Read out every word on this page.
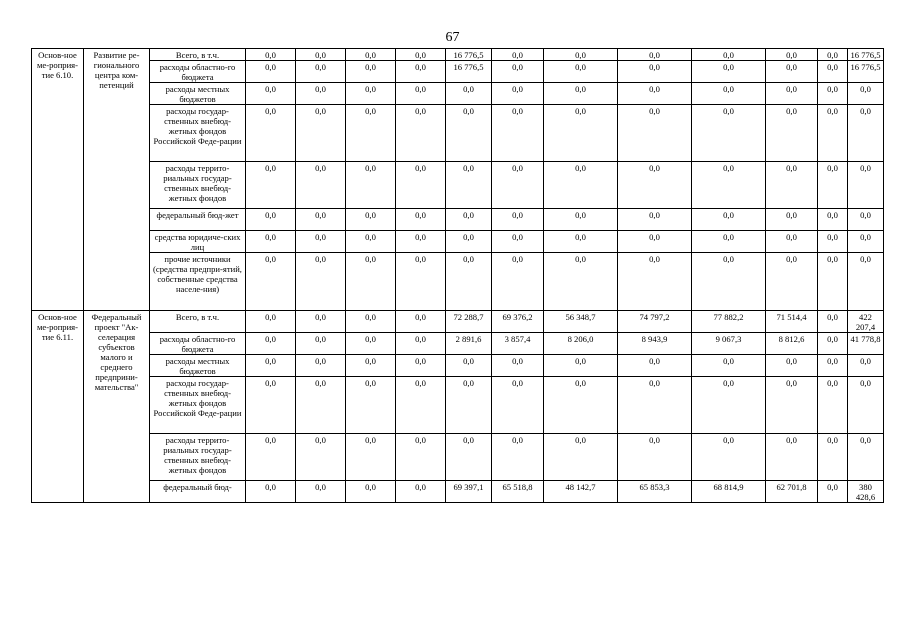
67
Основ-ное ме-роприя-тие 6.10.	Развитие ре-гионального центра ком-петенций	Всего, в т.ч.	0,0	0,0	0,0	0,0	16 776,5	0,0	0,0	0,0	0,0	0,0	0,0	16 776,5
		расходы областно-го бюджета	0,0	0,0	0,0	0,0	16 776,5	0,0	0,0	0,0	0,0	0,0	0,0	16 776,5
		расходы местных бюджетов	0,0	0,0	0,0	0,0	0,0	0,0	0,0	0,0	0,0	0,0	0,0	0,0
		расходы государ-ственных внебюд-жетных фондов Российской Феде-рации	0,0	0,0	0,0	0,0	0,0	0,0	0,0	0,0	0,0	0,0	0,0	0,0
		расходы террито-риальных государ-ственных внебюд-жетных фондов	0,0	0,0	0,0	0,0	0,0	0,0	0,0	0,0	0,0	0,0	0,0	0,0
		федеральный бюд-жет	0,0	0,0	0,0	0,0	0,0	0,0	0,0	0,0	0,0	0,0	0,0	0,0
		средства юридиче-ских лиц	0,0	0,0	0,0	0,0	0,0	0,0	0,0	0,0	0,0	0,0	0,0	0,0
		прочие источники (средства предпри-ятий, собственные средства населе-ния)	0,0	0,0	0,0	0,0	0,0	0,0	0,0	0,0	0,0	0,0	0,0	0,0
Основ-ное ме-роприя-тие 6.11.	Федеральный проект "Ак-селерация субъектов малого и среднего предприни-мательства"	Всего, в т.ч.	0,0	0,0	0,0	0,0	72 288,7	69 376,2	56 348,7	74 797,2	77 882,2	71 514,4	0,0	422 207,4
		расходы областно-го бюджета	0,0	0,0	0,0	0,0	2 891,6	3 857,4	8 206,0	8 943,9	9 067,3	8 812,6	0,0	41 778,8
		расходы местных бюджетов	0,0	0,0	0,0	0,0	0,0	0,0	0,0	0,0	0,0	0,0	0,0	0,0
		расходы государ-ственных внебюд-жетных фондов Российской Феде-рации	0,0	0,0	0,0	0,0	0,0	0,0	0,0	0,0	0,0	0,0	0,0	0,0
		расходы террито-риальных государ-ственных внебюд-жетных фондов	0,0	0,0	0,0	0,0	0,0	0,0	0,0	0,0	0,0	0,0	0,0	0,0
		федеральный бюд-	0,0	0,0	0,0	0,0	69 397,1	65 518,8	48 142,7	65 853,3	68 814,9	62 701,8	0,0	380 428,6
